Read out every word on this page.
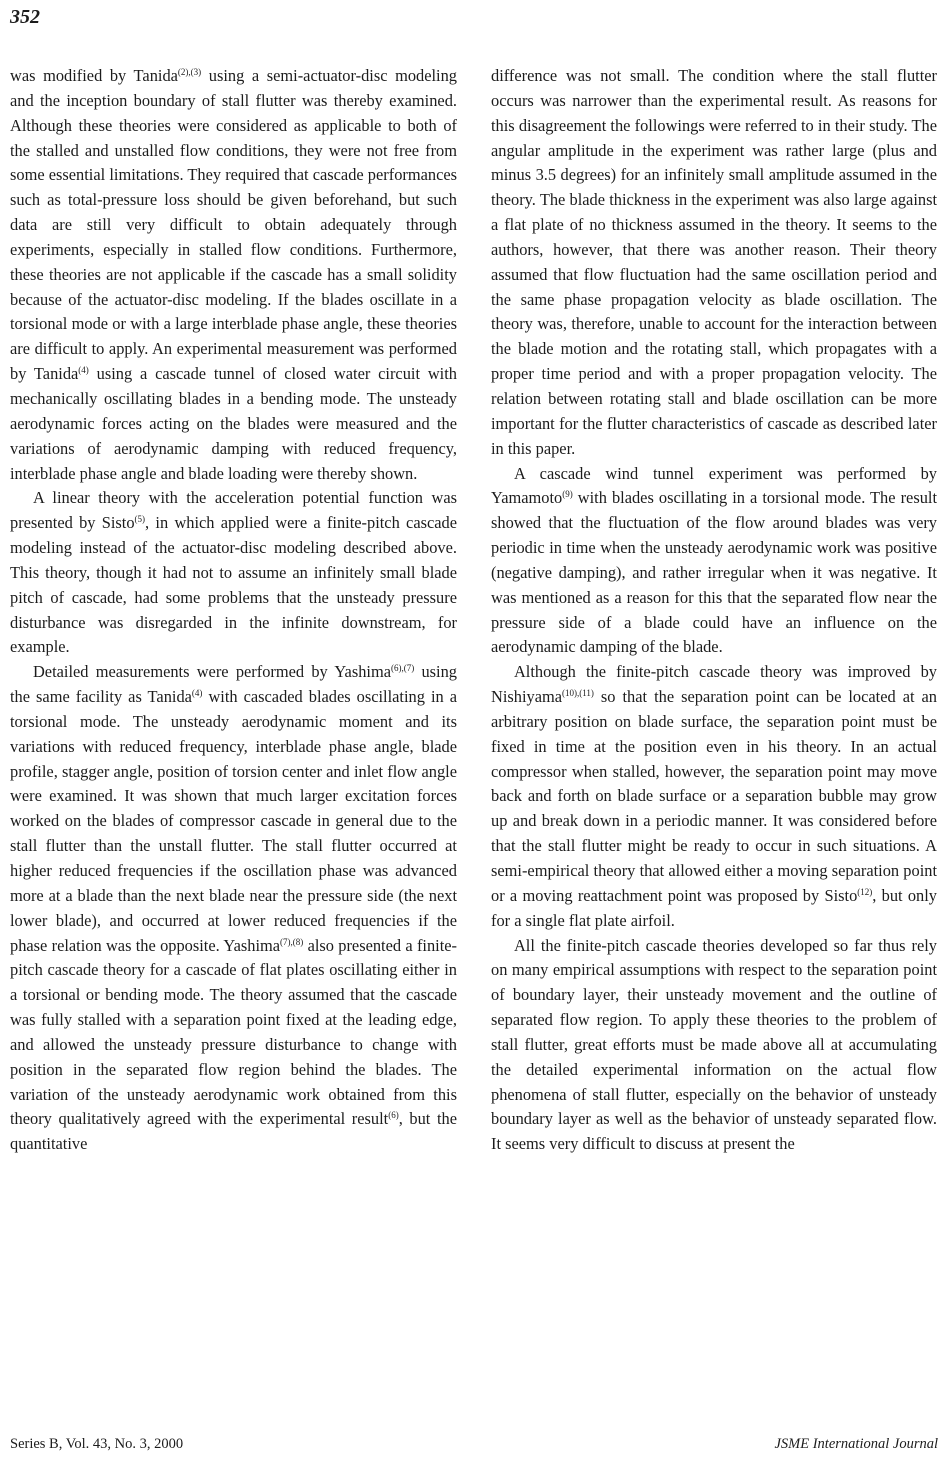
352

was modified by Tanida$^{(2),(3)}$ using a semi-actuator-disc modeling and the inception boundary of stall flutter was thereby examined. Although these theories were considered as applicable to both of the stalled and unstalled flow conditions, they were not free from some essential limitations. They required that cascade performances such as total-pressure loss should be given beforehand, but such data are still very difficult to obtain adequately through experiments, especially in stalled flow conditions. Furthermore, these theories are not applicable if the cascade has a small solidity because of the actuator-disc modeling. If the blades oscillate in a torsional mode or with a large interblade phase angle, these theories are difficult to apply. An experimental measurement was performed by Tanida$^{(4)}$ using a cascade tunnel of closed water circuit with mechanically oscillating blades in a bending mode. The unsteady aerodynamic forces acting on the blades were measured and the variations of aerodynamic damping with reduced frequency, interblade phase angle and blade loading were thereby shown.

A linear theory with the acceleration potential function was presented by Sisto$^{(5)}$, in which applied were a finite-pitch cascade modeling instead of the actuator-disc modeling described above. This theory, though it had not to assume an infinitely small blade pitch of cascade, had some problems that the unsteady pressure disturbance was disregarded in the infinite downstream, for example.

Detailed measurements were performed by Yashima$^{(6),(7)}$ using the same facility as Tanida$^{(4)}$ with cascaded blades oscillating in a torsional mode. The unsteady aerodynamic moment and its variations with reduced frequency, interblade phase angle, blade profile, stagger angle, position of torsion center and inlet flow angle were examined. It was shown that much larger excitation forces worked on the blades of compressor cascade in general due to the stall flutter than the unstall flutter. The stall flutter occurred at higher reduced frequencies if the oscillation phase was advanced more at a blade than the next blade near the pressure side (the next lower blade), and occurred at lower reduced frequencies if the phase relation was the opposite. Yashima$^{(7),(8)}$ also presented a finite-pitch cascade theory for a cascade of flat plates oscillating either in a torsional or bending mode. The theory assumed that the cascade was fully stalled with a separation point fixed at the leading edge, and allowed the unsteady pressure disturbance to change with position in the separated flow region behind the blades. The variation of the unsteady aerodynamic work obtained from this theory qualitatively agreed with the experimental result$^{(6)}$, but the quantitative

difference was not small. The condition where the stall flutter occurs was narrower than the experimental result. As reasons for this disagreement the followings were referred to in their study. The angular amplitude in the experiment was rather large (plus and minus 3.5 degrees) for an infinitely small amplitude assumed in the theory. The blade thickness in the experiment was also large against a flat plate of no thickness assumed in the theory. It seems to the authors, however, that there was another reason. Their theory assumed that flow fluctuation had the same oscillation period and the same phase propagation velocity as blade oscillation. The theory was, therefore, unable to account for the interaction between the blade motion and the rotating stall, which propagates with a proper time period and with a proper propagation velocity. The relation between rotating stall and blade oscillation can be more important for the flutter characteristics of cascade as described later in this paper.

A cascade wind tunnel experiment was performed by Yamamoto$^{(9)}$ with blades oscillating in a torsional mode. The result showed that the fluctuation of the flow around blades was very periodic in time when the unsteady aerodynamic work was positive (negative damping), and rather irregular when it was negative. It was mentioned as a reason for this that the separated flow near the pressure side of a blade could have an influence on the aerodynamic damping of the blade.

Although the finite-pitch cascade theory was improved by Nishiyama$^{(10),(11)}$ so that the separation point can be located at an arbitrary position on blade surface, the separation point must be fixed in time at the position even in his theory. In an actual compressor when stalled, however, the separation point may move back and forth on blade surface or a separation bubble may grow up and break down in a periodic manner. It was considered before that the stall flutter might be ready to occur in such situations. A semi-empirical theory that allowed either a moving separation point or a moving reattachment point was proposed by Sisto$^{(12)}$, but only for a single flat plate airfoil.

All the finite-pitch cascade theories developed so far thus rely on many empirical assumptions with respect to the separation point of boundary layer, their unsteady movement and the outline of separated flow region. To apply these theories to the problem of stall flutter, great efforts must be made above all at accumulating the detailed experimental information on the actual flow phenomena of stall flutter, especially on the behavior of unsteady boundary layer as well as the behavior of unsteady separated flow. It seems very difficult to discuss at present the

Series B, Vol. 43, No. 3, 2000	JSME International Journal
